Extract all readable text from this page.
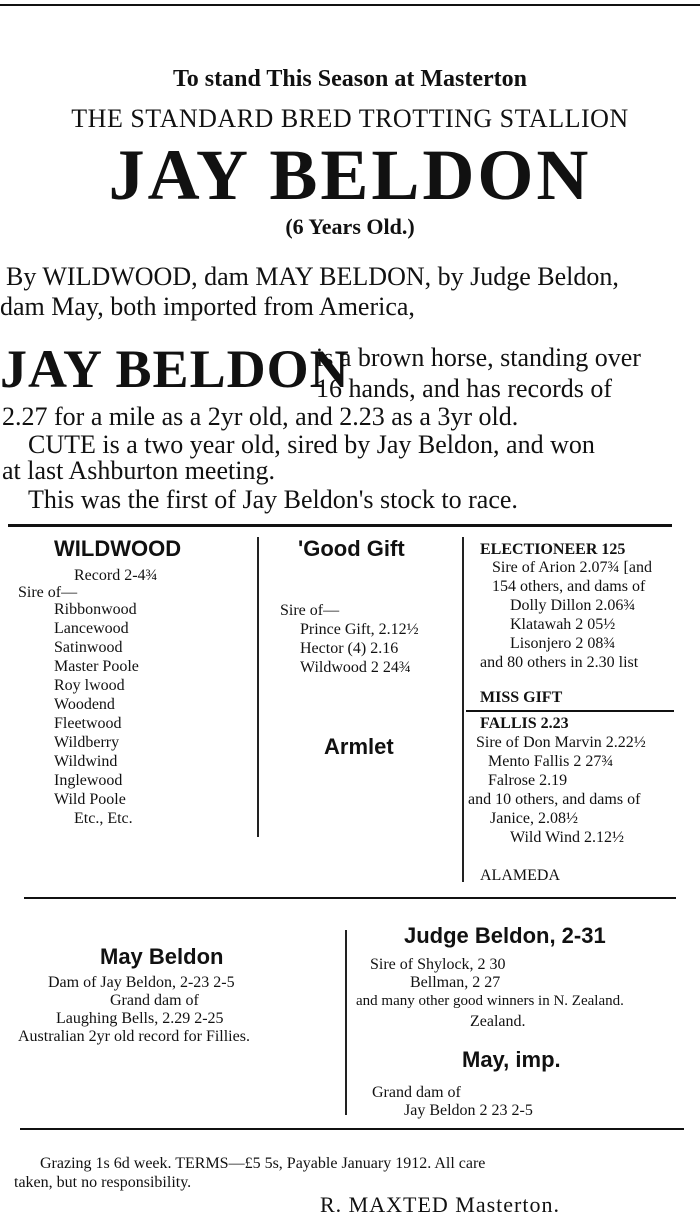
To stand This Season at Masterton
THE STANDARD BRED TROTTING STALLION
JAY BELDON
(6 Years Old.)
By WILDWOOD, dam MAY BELDON, by Judge Beldon,
dam May, both imported from America,
JAY BELDON
is a brown horse, standing over
16 hands, and has records of
2.27 for a mile as a 2yr old, and 2.23 as a 3yr old.
CUTE is a two year old, sired by Jay Beldon, and won
at last Ashburton meeting.
This was the first of Jay Beldon's stock to race.
WILDWOOD
Record 2-4¾
Sire of—
Ribbonwood
Lancewood
Satinwood
Master Poole
Roy lwood
Woodend
Fleetwood
Wildberry
Wildwind
Inglewood
Wild Poole
Etc., Etc.
'Good Gift
Sire of—
Prince Gift, 2.12½
Hector (4) 2.16
Wildwood 2 24¾
Armlet
ELECTIONEER 125
Sire of Arion 2.07¾ [and
154 others, and dams of
Dolly Dillon 2.06¾
Klatawah 2 05½
Lisonjero 2 08¾
and 80 others in 2.30 list
MISS GIFT
FALLIS 2.23
Sire of Don Marvin 2.22½
Mento Fallis 2 27¾
Falrose 2.19
and 10 others, and dams of
Janice, 2.08½
Wild Wind 2.12½
ALAMEDA
May Beldon
Dam of Jay Beldon, 2-23 2-5
Grand dam of
Laughing Bells, 2.29 2-25
Australian 2yr old record for Fillies.
Judge Beldon, 2-31
Sire of Shylock, 2 30
Bellman, 2 27
and many other good winners in N. Zealand.
Zealand.
May, imp.
Grand dam of
Jay Beldon 2 23 2-5
Grazing 1s 6d week. TERMS—£5 5s, Payable January 1912. All care
taken, but no responsibility.
R. MAXTED Masterton.
